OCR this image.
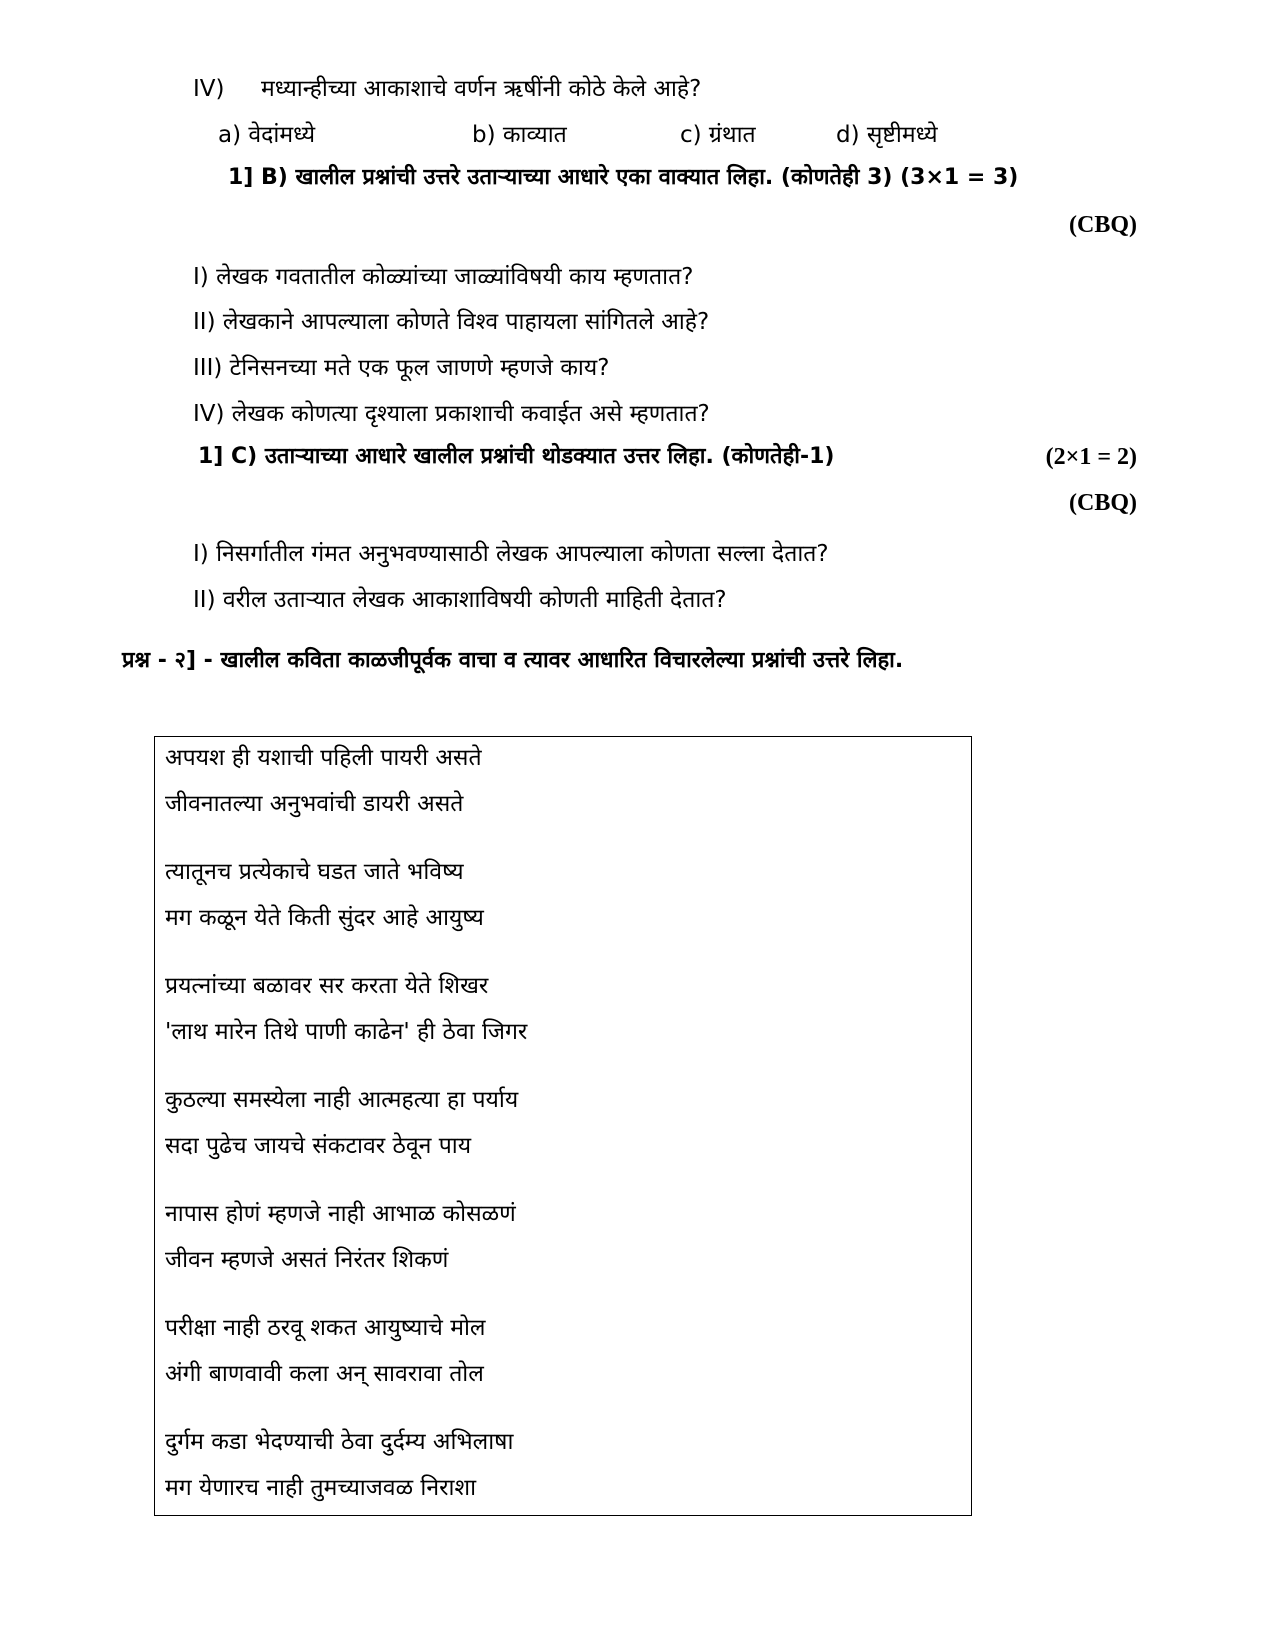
IV)     मध्यान्हीच्या आकाशाचे वर्णन ऋषींनी कोठे केले आहे?
a) वेदांमध्ये	b) काव्यात	c) ग्रंथात	d) सृष्टीमध्ये
1] B) खालील प्रश्नांची उत्तरे उताऱ्याच्या आधारे एका वाक्यात लिहा. (कोणतेही 3) (3×1 = 3)
(CBQ)
I) लेखक गवतातील कोळ्यांच्या जाळ्यांविषयी काय म्हणतात?
II) लेखकाने आपल्याला कोणते विश्व पाहायला सांगितले आहे?
III) टेनिसनच्या मते एक फूल जाणणे म्हणजे काय?
IV) लेखक कोणत्या दृश्याला प्रकाशाची कवाईत असे म्हणतात?
1] C) उताऱ्याच्या आधारे खालील प्रश्नांची थोडक्यात उत्तर लिहा. (कोणतेही-1)	(2×1 = 2)
(CBQ)
I) निसर्गातील गंमत अनुभवण्यासाठी लेखक आपल्याला कोणता सल्ला देतात?
II) वरील उताऱ्यात लेखक आकाशाविषयी कोणती माहिती देतात?
प्रश्न - २] - खालील कविता काळजीपूर्वक वाचा व त्यावर आधारित विचारलेल्या प्रश्नांची उत्तरे लिहा.
अपयश ही यशाची पहिली पायरी असते
जीवनातल्या अनुभवांची डायरी असते
त्यातूनच प्रत्येकाचे घडत जाते भविष्य
मग कळून येते किती सुंदर आहे आयुष्य
प्रयत्नांच्या बळावर सर करता येते शिखर
'लाथ मारेन तिथे पाणी काढेन' ही ठेवा जिगर
कुठल्या समस्येला नाही आत्महत्या हा पर्याय
सदा पुढेच जायचे संकटावर ठेवून पाय
नापास होणं म्हणजे नाही आभाळ कोसळणं
जीवन म्हणजे असतं निरंतर शिकणं
परीक्षा नाही ठरवू शकत आयुष्याचे मोल
अंगी बाणवावी कला अन् सावरावा तोल
दुर्गम कडा भेदण्याची ठेवा दुर्दम्य अभिलाषा
मग येणारच नाही तुमच्याजवळ निराशा
